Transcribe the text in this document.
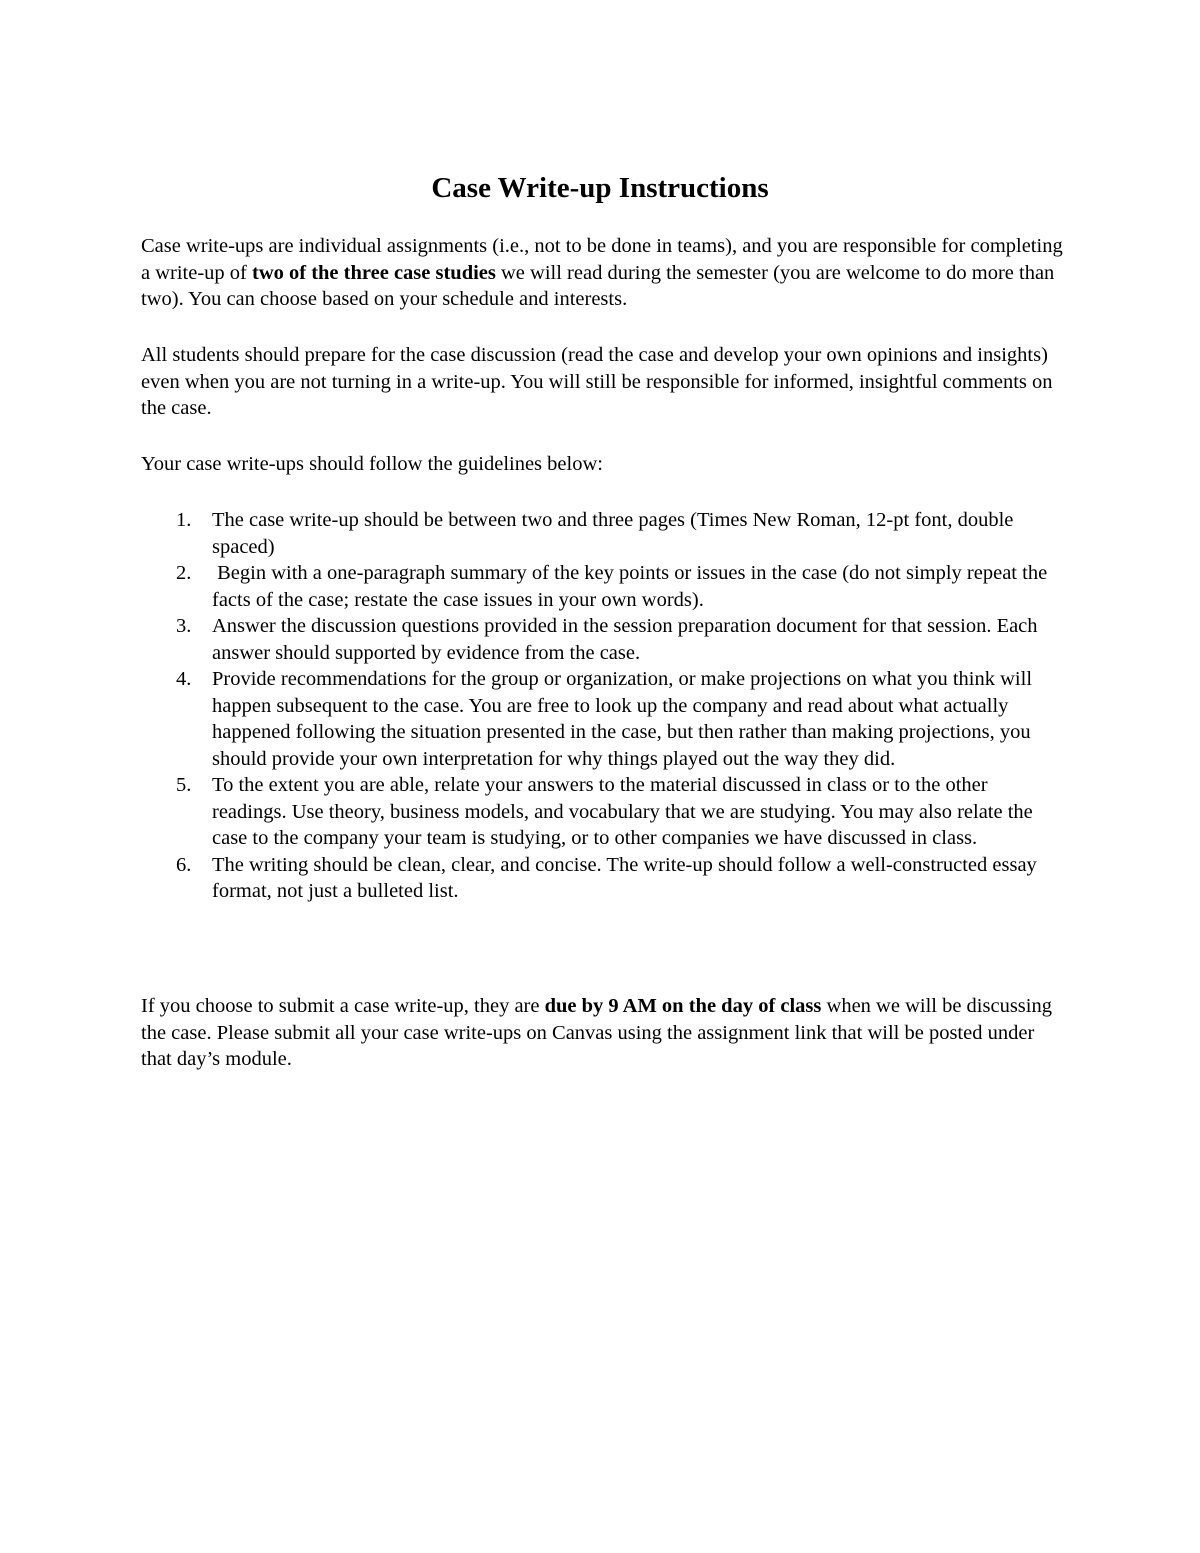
Case Write-up Instructions

Case write-ups are individual assignments (i.e., not to be done in teams), and you are responsible for completing a write-up of two of the three case studies we will read during the semester (you are welcome to do more than two). You can choose based on your schedule and interests.

All students should prepare for the case discussion (read the case and develop your own opinions and insights) even when you are not turning in a write-up. You will still be responsible for informed, insightful comments on the case.

Your case write-ups should follow the guidelines below:

1. The case write-up should be between two and three pages (Times New Roman, 12-pt font, double spaced)
2. Begin with a one-paragraph summary of the key points or issues in the case (do not simply repeat the facts of the case; restate the case issues in your own words).
3. Answer the discussion questions provided in the session preparation document for that session. Each answer should supported by evidence from the case.
4. Provide recommendations for the group or organization, or make projections on what you think will happen subsequent to the case. You are free to look up the company and read about what actually happened following the situation presented in the case, but then rather than making projections, you should provide your own interpretation for why things played out the way they did.
5. To the extent you are able, relate your answers to the material discussed in class or to the other readings. Use theory, business models, and vocabulary that we are studying. You may also relate the case to the company your team is studying, or to other companies we have discussed in class.
6. The writing should be clean, clear, and concise. The write-up should follow a well-constructed essay format, not just a bulleted list.

If you choose to submit a case write-up, they are due by 9 AM on the day of class when we will be discussing the case. Please submit all your case write-ups on Canvas using the assignment link that will be posted under that day’s module.
